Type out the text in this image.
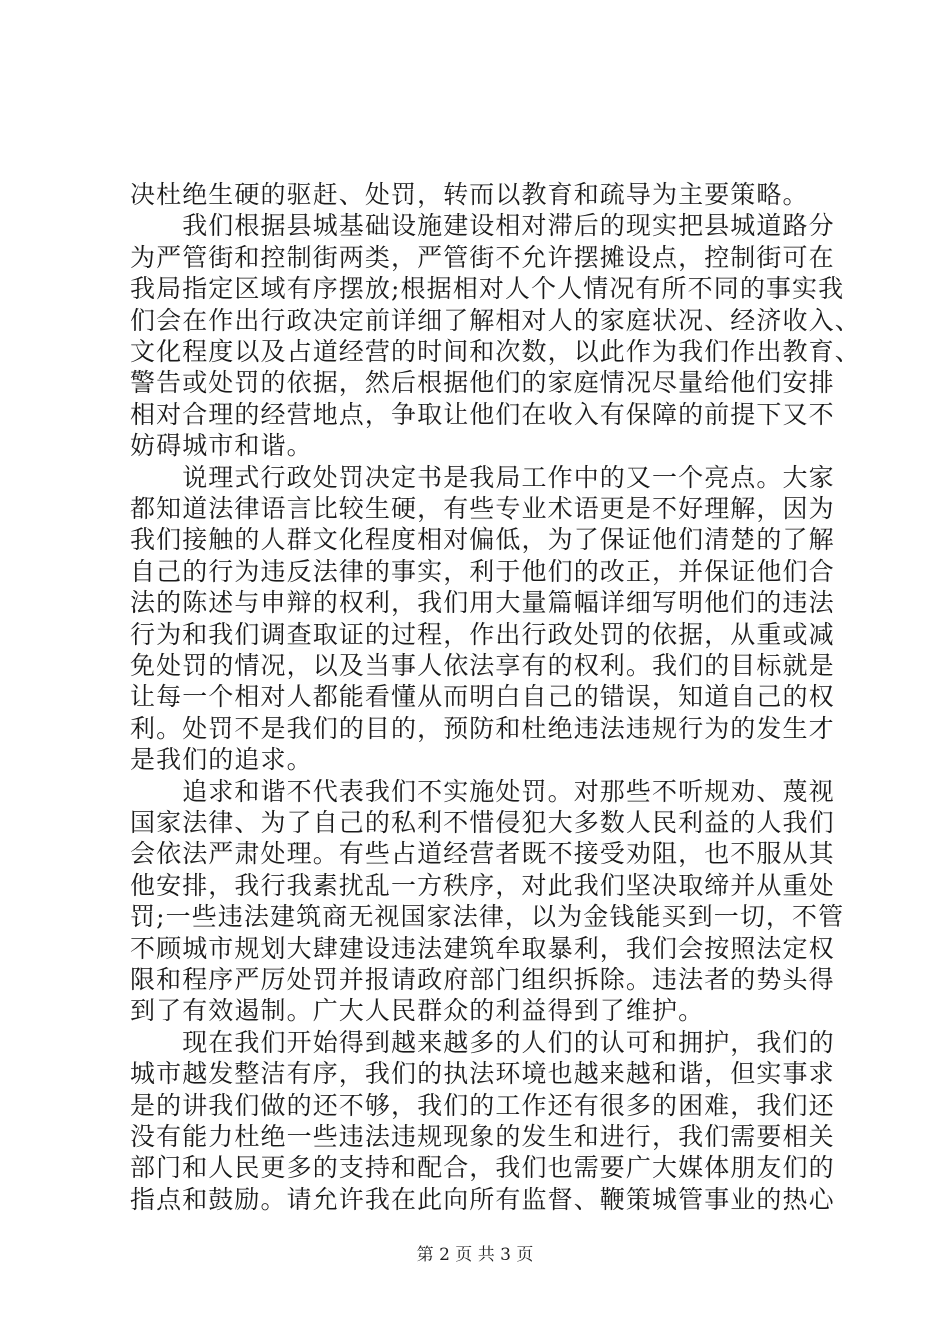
决杜绝生硬的驱赶、处罚，转而以教育和疏导为主要策略。
　　我们根据县城基础设施建设相对滞后的现实把县城道路分
为严管街和控制街两类，严管街不允许摆摊设点，控制街可在
我局指定区域有序摆放;根据相对人个人情况有所不同的事实我
们会在作出行政决定前详细了解相对人的家庭状况、经济收入、
文化程度以及占道经营的时间和次数，以此作为我们作出教育、
警告或处罚的依据，然后根据他们的家庭情况尽量给他们安排
相对合理的经营地点，争取让他们在收入有保障的前提下又不
妨碍城市和谐。
　　说理式行政处罚决定书是我局工作中的又一个亮点。大家
都知道法律语言比较生硬，有些专业术语更是不好理解，因为
我们接触的人群文化程度相对偏低，为了保证他们清楚的了解
自己的行为违反法律的事实，利于他们的改正，并保证他们合
法的陈述与申辩的权利，我们用大量篇幅详细写明他们的违法
行为和我们调查取证的过程，作出行政处罚的依据，从重或减
免处罚的情况，以及当事人依法享有的权利。我们的目标就是
让每一个相对人都能看懂从而明白自己的错误，知道自己的权
利。处罚不是我们的目的，预防和杜绝违法违规行为的发生才
是我们的追求。
　　追求和谐不代表我们不实施处罚。对那些不听规劝、蔑视
国家法律、为了自己的私利不惜侵犯大多数人民利益的人我们
会依法严肃处理。有些占道经营者既不接受劝阻，也不服从其
他安排，我行我素扰乱一方秩序，对此我们坚决取缔并从重处
罚;一些违法建筑商无视国家法律，以为金钱能买到一切，不管
不顾城市规划大肆建设违法建筑牟取暴利，我们会按照法定权
限和程序严厉处罚并报请政府部门组织拆除。违法者的势头得
到了有效遏制。广大人民群众的利益得到了维护。
　　现在我们开始得到越来越多的人们的认可和拥护，我们的
城市越发整洁有序，我们的执法环境也越来越和谐，但实事求
是的讲我们做的还不够，我们的工作还有很多的困难，我们还
没有能力杜绝一些违法违规现象的发生和进行，我们需要相关
部门和人民更多的支持和配合，我们也需要广大媒体朋友们的
指点和鼓励。请允许我在此向所有监督、鞭策城管事业的热心
第 2 页 共 3 页
